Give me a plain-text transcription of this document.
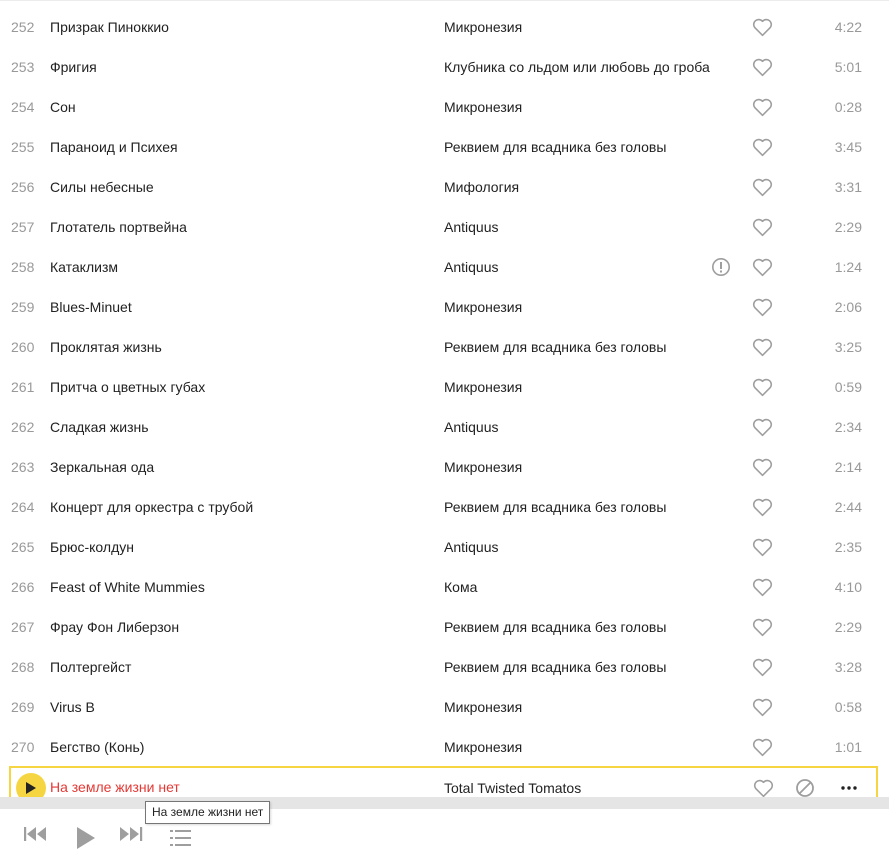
252 Призрак Пиноккио	Микронезия	4:22
253 Фригия	Клубника со льдом или любовь до гроба	5:01
254 Сон	Микронезия	0:28
255 Параноид и Психея	Реквием для всадника без головы	3:45
256 Силы небесные	Мифология	3:31
257 Глотатель портвейна	Antiquus	2:29
258 Катаклизм	Antiquus	1:24
259 Blues-Minuet	Микронезия	2:06
260 Проклятая жизнь	Реквием для всадника без головы	3:25
261 Притча о цветных губах	Микронезия	0:59
262 Сладкая жизнь	Antiquus	2:34
263 Зеркальная ода	Микронезия	2:14
264 Концерт для оркестра с трубой	Реквием для всадника без головы	2:44
265 Брюс-колдун	Antiquus	2:35
266 Feast of White Mummies	Кома	4:10
267 Фрау Фон Либерзон	Реквием для всадника без головы	2:29
268 Полтергейст	Реквием для всадника без головы	3:28
269 Virus B	Микронезия	0:58
270 Бегство (Конь)	Микронезия	1:01
На земле жизни нет	Total Twisted Tomatos
На земле жизни нет
